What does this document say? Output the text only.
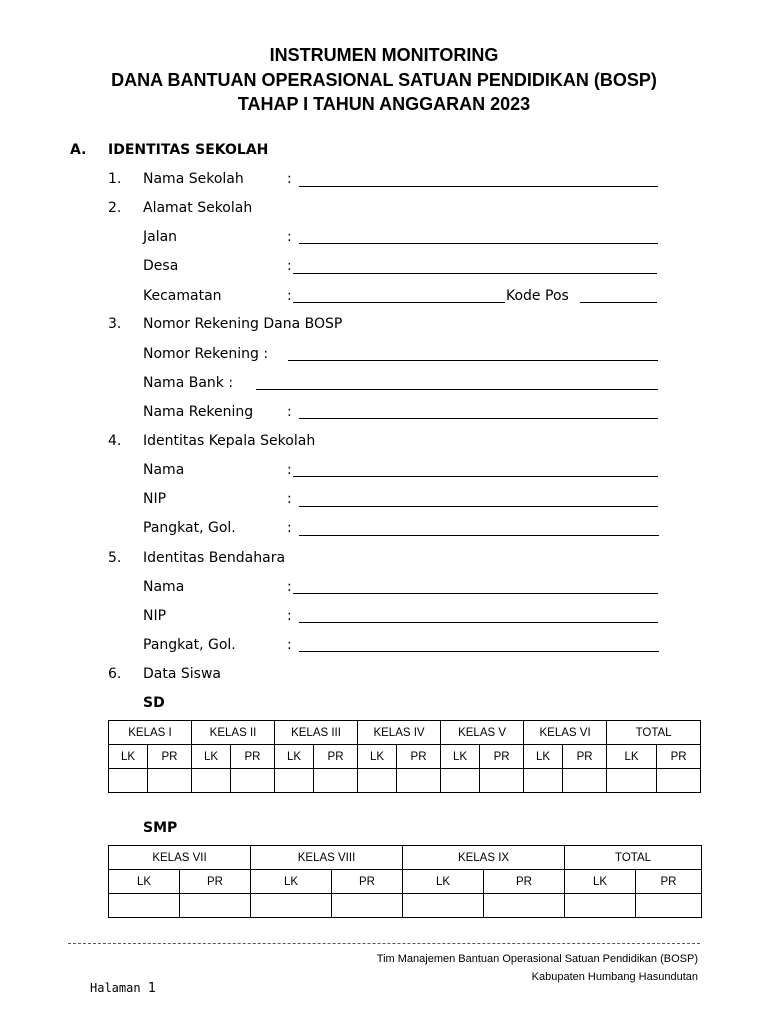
INSTRUMEN MONITORING
DANA BANTUAN OPERASIONAL SATUAN PENDIDIKAN (BOSP)
TAHAP I TAHUN ANGGARAN 2023
A. IDENTITAS SEKOLAH
1. Nama Sekolah	:
2. Alamat Sekolah
Jalan	:
Desa	:
Kecamatan	:	Kode Pos
3. Nomor Rekening Dana BOSP
Nomor Rekening :
Nama Bank :
Nama Rekening :
4. Identitas Kepala Sekolah
Nama	:
NIP	:
Pangkat, Gol.	:
5. Identitas Bendahara
Nama	:
NIP	:
Pangkat, Gol.	:
6. Data Siswa
SD
KELAS I		KELAS II		KELAS III		KELAS IV		KELAS V		KELAS VI		TOTAL	
LK	PR	LK	PR	LK	PR	LK	PR	LK	PR	LK	PR	LK	PR

SMP
KELAS VII		KELAS VIII		KELAS IX		TOTAL	
LK	PR	LK	PR	LK	PR	LK	PR

Tim Manajemen Bantuan Operasional Satuan Pendidikan (BOSP)
Kabupaten Humbang Hasundutan
Halaman 1
